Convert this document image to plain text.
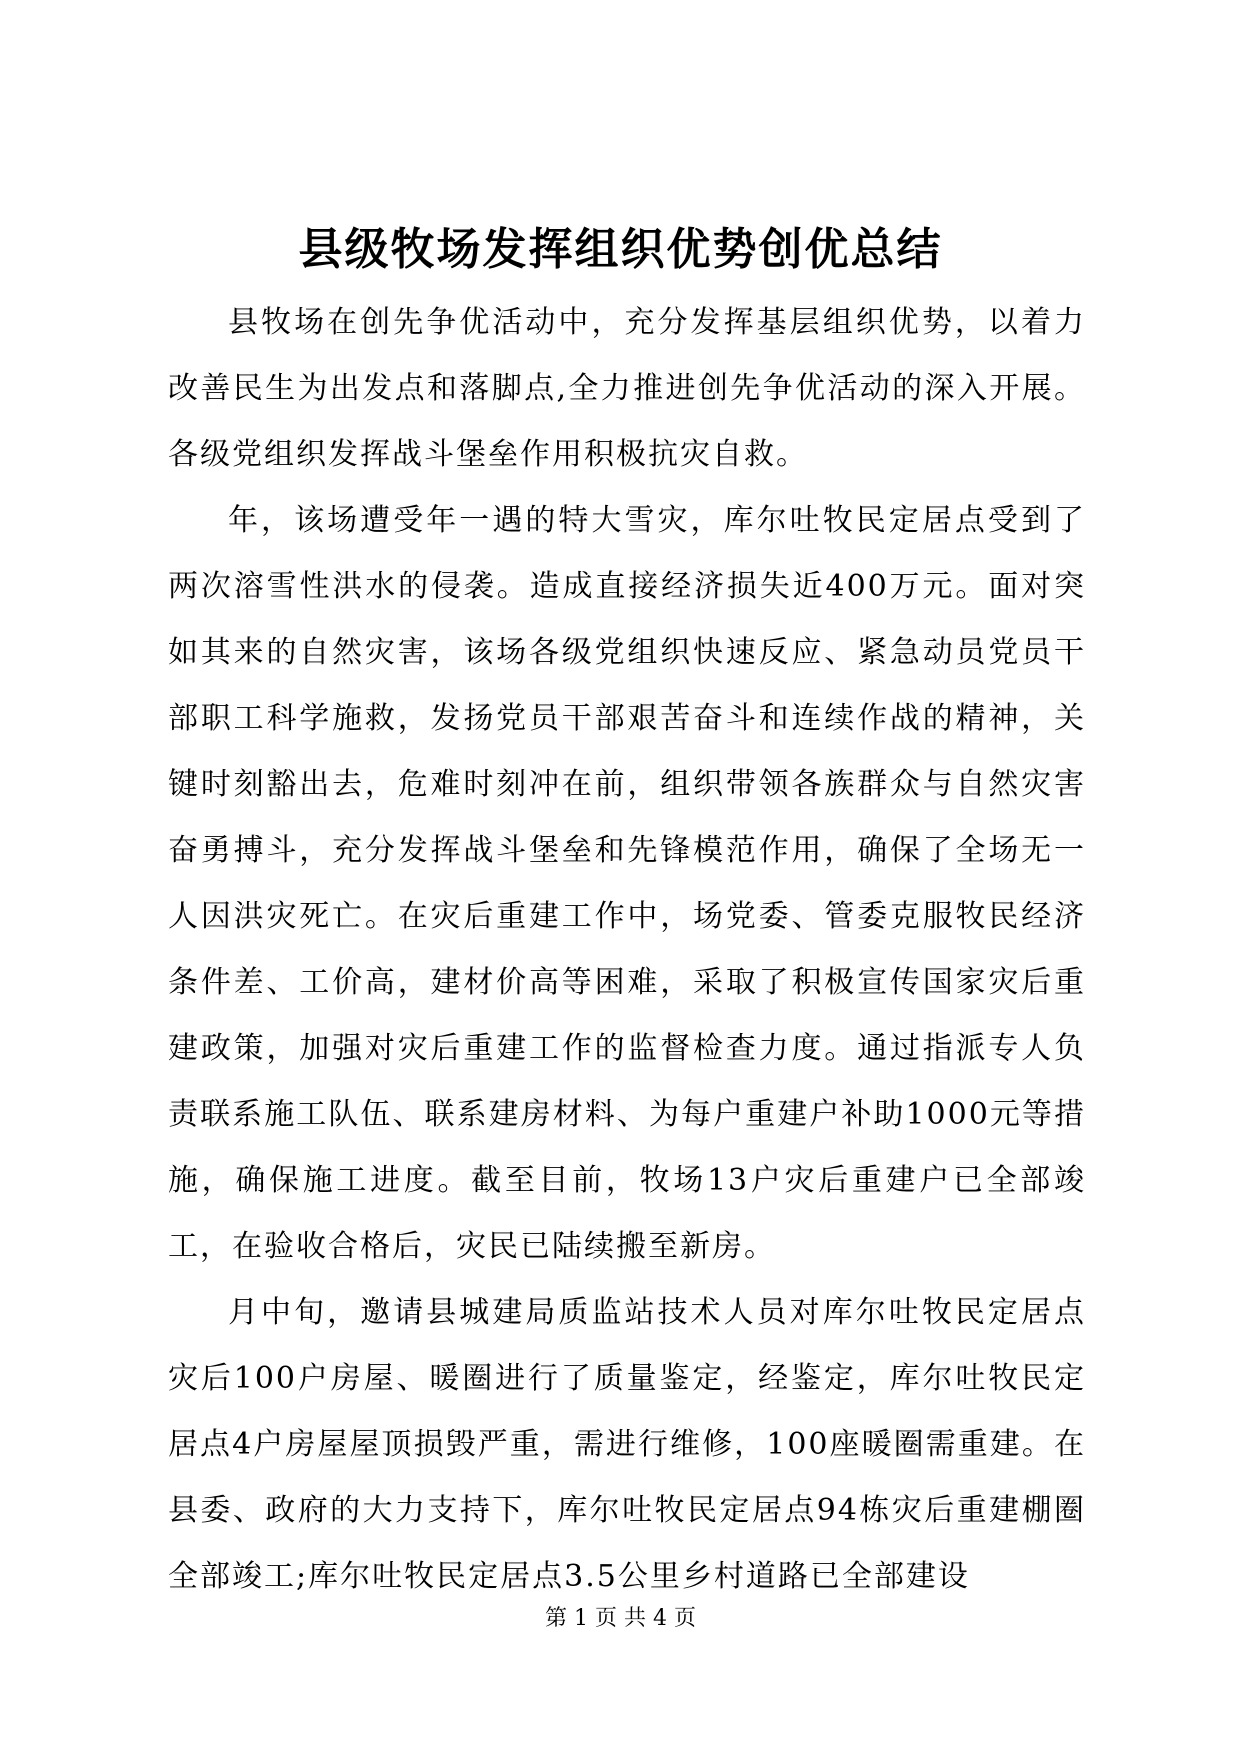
县级牧场发挥组织优势创优总结

县牧场在创先争优活动中，充分发挥基层组织优势，以着力改善民生为出发点和落脚点,全力推进创先争优活动的深入开展。各级党组织发挥战斗堡垒作用积极抗灾自救。

年，该场遭受年一遇的特大雪灾，库尔吐牧民定居点受到了两次溶雪性洪水的侵袭。造成直接经济损失近400万元。面对突如其来的自然灾害，该场各级党组织快速反应、紧急动员党员干部职工科学施救，发扬党员干部艰苦奋斗和连续作战的精神，关键时刻豁出去，危难时刻冲在前，组织带领各族群众与自然灾害奋勇搏斗，充分发挥战斗堡垒和先锋模范作用，确保了全场无一人因洪灾死亡。在灾后重建工作中，场党委、管委克服牧民经济条件差、工价高，建材价高等困难，采取了积极宣传国家灾后重建政策，加强对灾后重建工作的监督检查力度。通过指派专人负责联系施工队伍、联系建房材料、为每户重建户补助1000元等措施，确保施工进度。截至目前，牧场13户灾后重建户已全部竣工，在验收合格后，灾民已陆续搬至新房。

月中旬，邀请县城建局质监站技术人员对库尔吐牧民定居点灾后100户房屋、暖圈进行了质量鉴定，经鉴定，库尔吐牧民定居点4户房屋屋顶损毁严重，需进行维修，100座暖圈需重建。在县委、政府的大力支持下，库尔吐牧民定居点94栋灾后重建棚圈全部竣工;库尔吐牧民定居点3.5公里乡村道路已全部建设

第 1 页 共 4 页
